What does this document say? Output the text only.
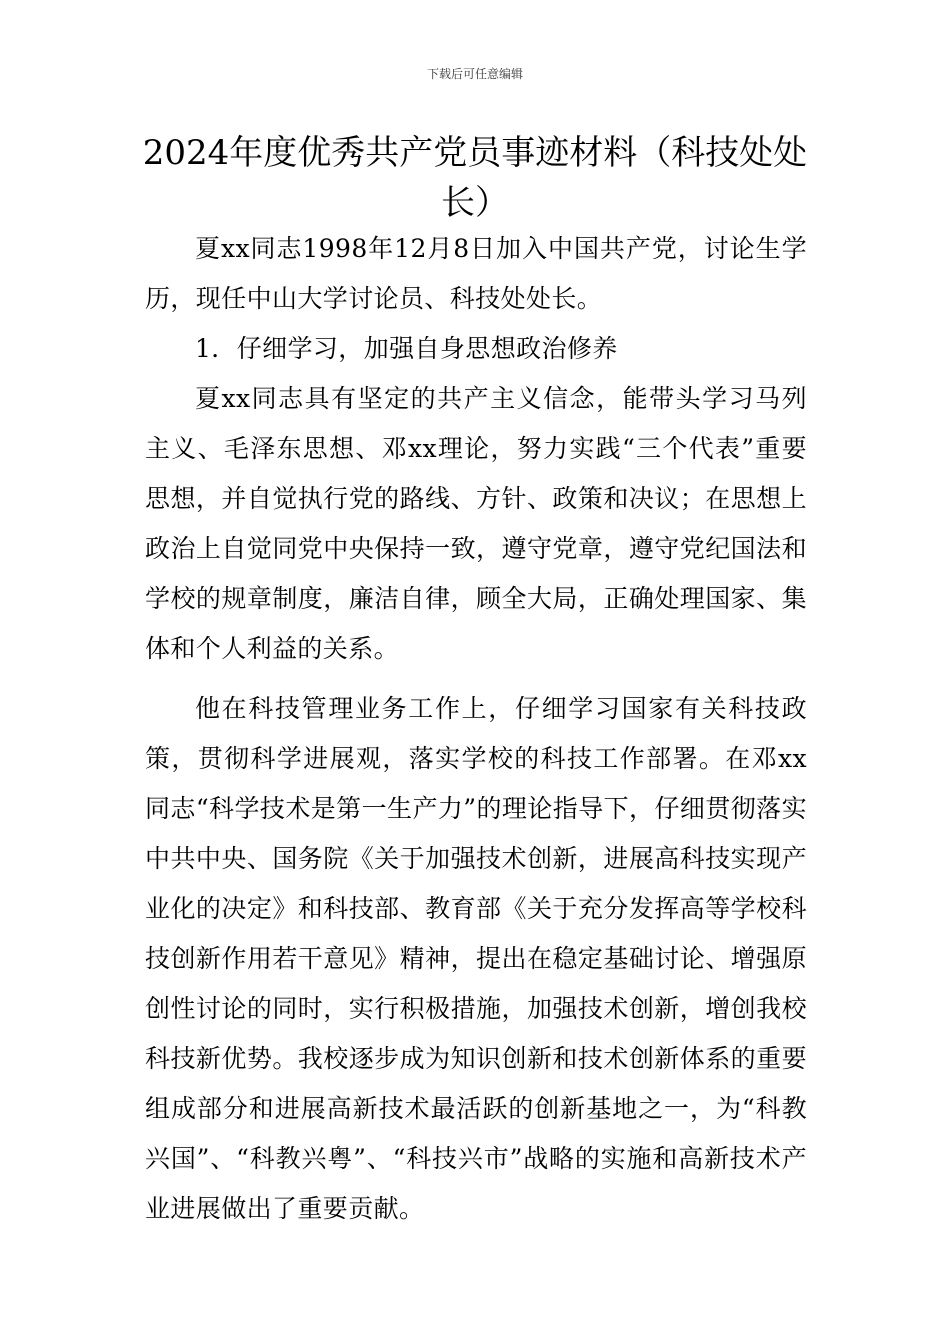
下载后可任意编辑
2024年度优秀共产党员事迹材料（科技处处长）

夏xx同志1998年12月8日加入中国共产党，讨论生学历，现任中山大学讨论员、科技处处长。

1．仔细学习，加强自身思想政治修养

夏xx同志具有坚定的共产主义信念，能带头学习马列主义、毛泽东思想、邓xx理论，努力实践“三个代表”重要思想，并自觉执行党的路线、方针、政策和决议；在思想上政治上自觉同党中央保持一致，遵守党章，遵守党纪国法和学校的规章制度，廉洁自律，顾全大局，正确处理国家、集体和个人利益的关系。

他在科技管理业务工作上，仔细学习国家有关科技政策，贯彻科学进展观，落实学校的科技工作部署。在邓xx同志“科学技术是第一生产力”的理论指导下，仔细贯彻落实中共中央、国务院《关于加强技术创新，进展高科技实现产业化的决定》和科技部、教育部《关于充分发挥高等学校科技创新作用若干意见》精神，提出在稳定基础讨论、增强原创性讨论的同时，实行积极措施，加强技术创新，增创我校科技新优势。我校逐步成为知识创新和技术创新体系的重要组成部分和进展高新技术最活跃的创新基地之一，为“科教兴国”、“科教兴粤”、“科技兴市”战略的实施和高新技术产业进展做出了重要贡献。
